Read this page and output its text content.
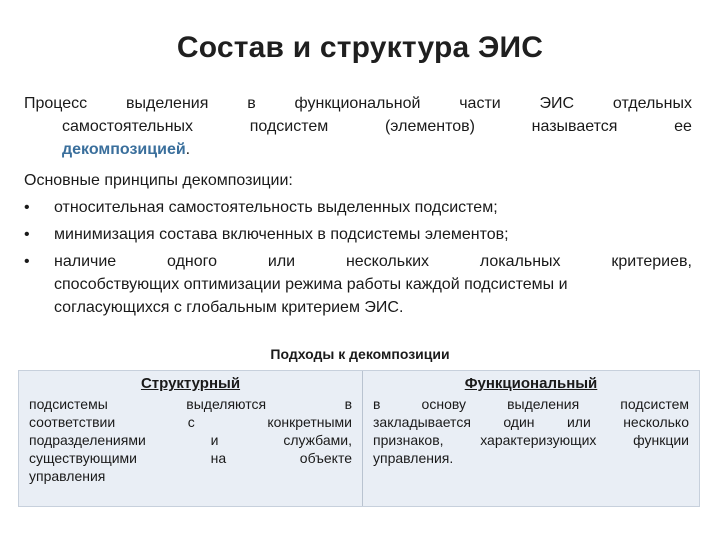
Состав и структура ЭИС
Процесс выделения в функциональной части ЭИС отдельных
самостоятельных	подсистем	(элементов)	называется	ее
декомпозицией.
Основные принципы декомпозиции:
•	относительная самостоятельность выделенных подсистем;
•	минимизация состава включенных в подсистемы элементов;
•	наличие	одного	или	нескольких	локальных	критериев,
способствующих оптимизации режима работы каждой подсистемы и
согласующихся с глобальным критерием ЭИС.
Подходы к декомпозиции
Структурный
подсистемы	выделяются	в
соответствии	с	конкретными
подразделениями	и	службами,
существующими	на	объекте
управления
Функциональный
в	основу	выделения	подсистем
закладывается один или несколько
признаков,	характеризующих	функции
управления.
